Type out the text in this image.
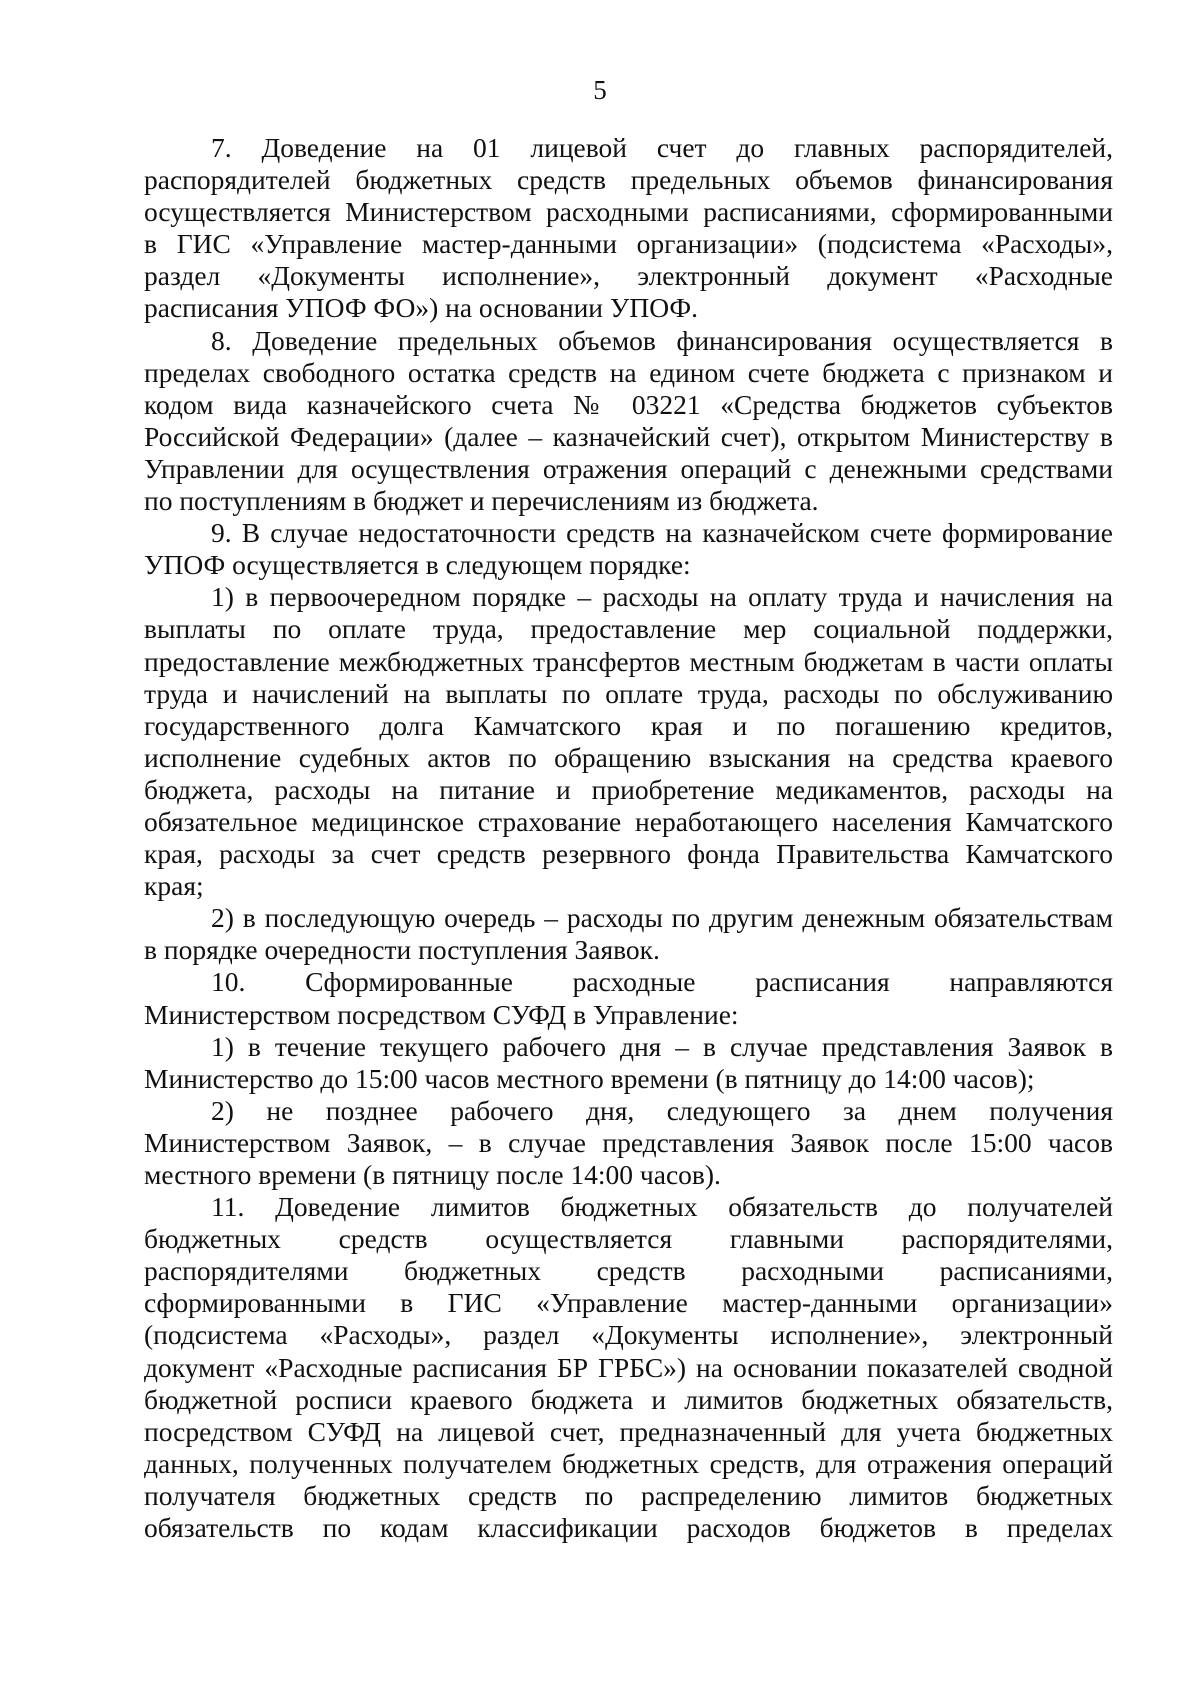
5
7. Доведение на 01 лицевой счет до главных распорядителей,
распорядителей бюджетных средств предельных объемов финансирования
осуществляется Министерством расходными расписаниями, сформированными
в ГИС «Управление мастер-данными организации» (подсистема «Расходы»,
раздел «Документы исполнение», электронный документ «Расходные
расписания УПОФ ФО») на основании УПОФ.
8. Доведение предельных объемов финансирования осуществляется в
пределах свободного остатка средств на едином счете бюджета с признаком и
кодом вида казначейского счета № 03221 «Средства бюджетов субъектов
Российской Федерации» (далее – казначейский счет), открытом Министерству в
Управлении для осуществления отражения операций с денежными средствами
по поступлениям в бюджет и перечислениям из бюджета.
9. В случае недостаточности средств на казначейском счете формирование
УПОФ осуществляется в следующем порядке:
1) в первоочередном порядке – расходы на оплату труда и начисления на
выплаты по оплате труда, предоставление мер социальной поддержки,
предоставление межбюджетных трансфертов местным бюджетам в части оплаты
труда и начислений на выплаты по оплате труда, расходы по обслуживанию
государственного долга Камчатского края и по погашению кредитов,
исполнение судебных актов по обращению взыскания на средства краевого
бюджета, расходы на питание и приобретение медикаментов, расходы на
обязательное медицинское страхование неработающего населения Камчатского
края, расходы за счет средств резервного фонда Правительства Камчатского
края;
2) в последующую очередь – расходы по другим денежным обязательствам
в порядке очередности поступления Заявок.
10. Сформированные расходные расписания направляются
Министерством посредством СУФД в Управление:
1) в течение текущего рабочего дня – в случае представления Заявок в
Министерство до 15:00 часов местного времени (в пятницу до 14:00 часов);
2) не позднее рабочего дня, следующего за днем получения
Министерством Заявок, – в случае представления Заявок после 15:00 часов
местного времени (в пятницу после 14:00 часов).
11. Доведение лимитов бюджетных обязательств до получателей
бюджетных средств осуществляется главными распорядителями,
распорядителями бюджетных средств расходными расписаниями,
сформированными в ГИС «Управление мастер-данными организации»
(подсистема «Расходы», раздел «Документы исполнение», электронный
документ «Расходные расписания БР ГРБС») на основании показателей сводной
бюджетной росписи краевого бюджета и лимитов бюджетных обязательств,
посредством СУФД на лицевой счет, предназначенный для учета бюджетных
данных, полученных получателем бюджетных средств, для отражения операций
получателя бюджетных средств по распределению лимитов бюджетных
обязательств по кодам классификации расходов бюджетов в пределах
